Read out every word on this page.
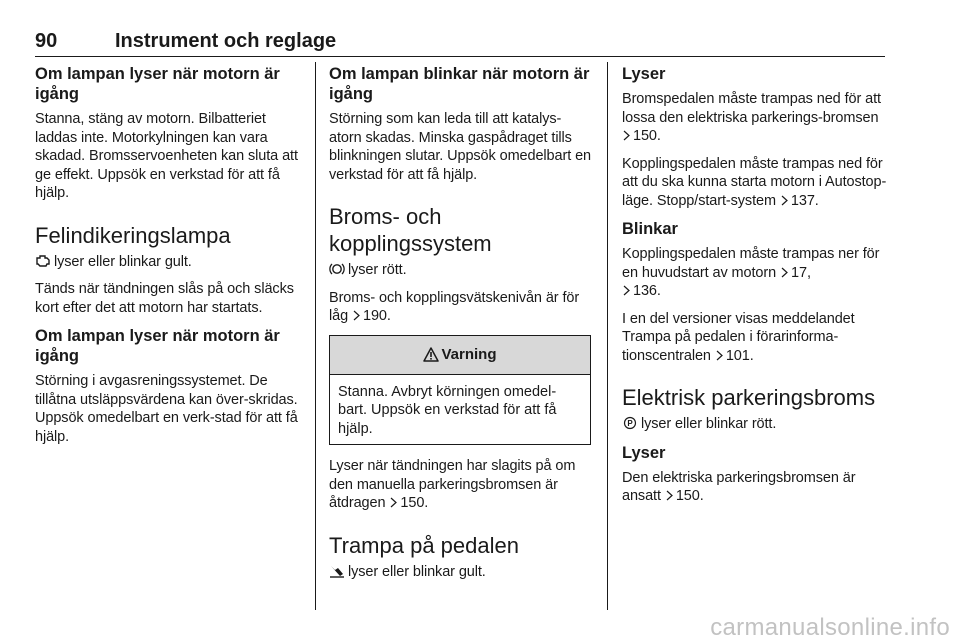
90	Instrument och reglage
Om lampan lyser när motorn är igång
Stanna, stäng av motorn. Bilbatteriet laddas inte. Motorkylningen kan vara skadad. Bromsservoenheten kan sluta att ge effekt. Uppsök en verkstad för att få hjälp.
Felindikeringslampa
lyser eller blinkar gult.
Tänds när tändningen slås på och släcks kort efter det att motorn har startats.
Om lampan lyser när motorn är igång
Störning i avgasreningssystemet. De tillåtna utsläppsvärdena kan över-skridas. Uppsök omedelbart en verk-stad för att få hjälp.
Om lampan blinkar när motorn är igång
Störning som kan leda till att katalys-atorn skadas. Minska gaspådraget tills blinkningen slutar. Uppsök omedelbart en verkstad för att få hjälp.
Broms- och kopplingssystem
lyser rött.
Broms- och kopplingsvätskenivån är för låg 190.
Varning
Stanna. Avbryt körningen omedel-bart. Uppsök en verkstad för att få hjälp.
Lyser när tändningen har slagits på om den manuella parkeringsbromsen är åtdragen 150.
Trampa på pedalen
lyser eller blinkar gult.
Lyser
Bromspedalen måste trampas ned för att lossa den elektriska parkerings-bromsen 150.
Kopplingspedalen måste trampas ned för att du ska kunna starta motorn i Autostop-läge. Stopp/start-system 137.
Blinkar
Kopplingspedalen måste trampas ner för en huvudstart av motorn 17,
136.
I en del versioner visas meddelandet Trampa på pedalen i förarinforma-tionscentralen 101.
Elektrisk parkeringsbroms
P lyser eller blinkar rött.
Lyser
Den elektriska parkeringsbromsen är ansatt 150.
carmanualsonline.info
